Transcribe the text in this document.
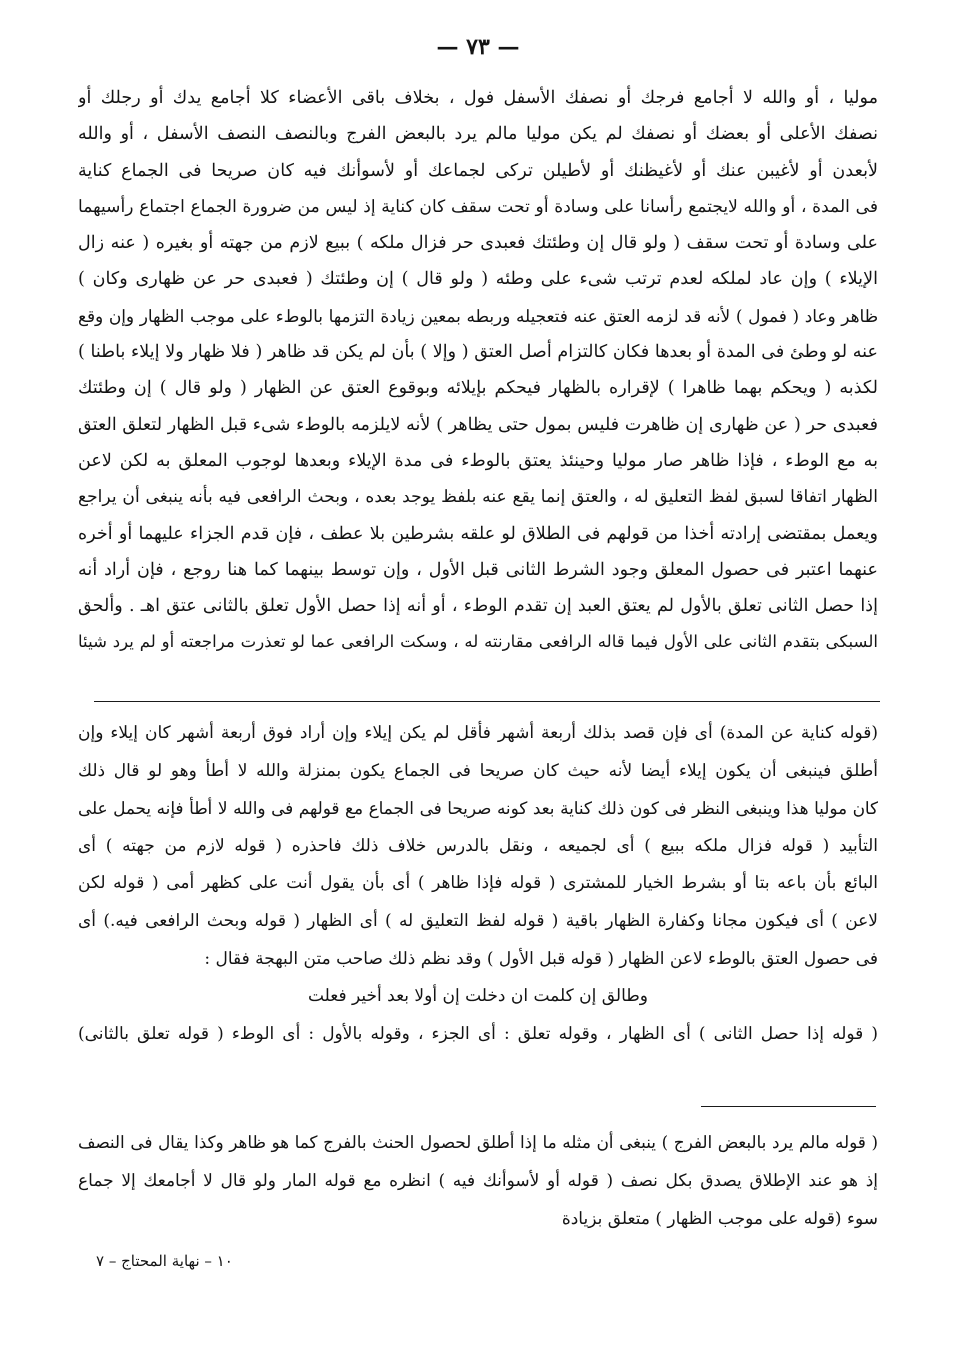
— ٧٣ —
موليا ، أو والله لا أجامع فرجك أو نصفك الأسفل فول ، بخلاف باقى الأعضاء كلا أجامع يدك أو رجلك أو
نصفك الأعلى أو بعضك أو نصفك لم يكن موليا مالم يرد بالبعض الفرج وبالنصف النصف الأسفل ، أو والله
لأبعدن أو لأغيبن عنك أو لأغيظنك أو لأطيلن تركى لجماعك أو لأسوأنك فيه كان صريحا فى الجماع كناية
فى المدة ، أو والله لايجتمع رأسانا على وسادة أو تحت سقف كان كناية إذ ليس من ضرورة الجماع اجتماع رأسيهما
على وسادة أو تحت سقف ( ولو قال إن وطئتك فعبدى حر فزال ملكه ) ببيع لازم من جهته أو بغيره ( عنه زال
الإيلاء ) وإن عاد لملكه لعدم ترتب شىء على وطئه ( ولو قال ) إن وطئتك ( فعبدى حر عن ظهارى وكان )
ظاهر وعاد ( فمول ) لأنه قد لزمه العتق عنه فتعجيله وربطه بمعين زيادة التزمها بالوطء على موجب الظهار وإن وقع
عنه لو وطئ فى المدة أو بعدها فكان كالتزام أصل العتق ( وإلا ) بأن لم يكن قد ظاهر ( فلا ظهار ولا إيلاء باطنا )
لكذبه ( ويحكم بهما ظاهرا ) لإقراره بالظهار فيحكم بإيلائه وبوقوع العتق عن الظهار ( ولو قال ) إن وطئتك
فعبدى حر ( عن ظهارى إن ظاهرت فليس بمول حتى يظاهر ) لأنه لايلزمه بالوطء شىء قبل الظهار لتعلق العتق
به مع الوطء ، فإذا ظاهر صار موليا وحينئذ يعتق بالوطء فى مدة الإيلاء وبعدها لوجوب المعلق به لكن لاعن
الظهار اتفاقا لسبق لفظ التعليق له ، والعتق إنما يقع عنه بلفظ يوجد بعده ، وبحث الرافعى فيه بأنه ينبغى أن يراجع
ويعمل بمقتضى إرادته أخذا من قولهم فى الطلاق لو علقه بشرطين بلا عطف ، فإن قدم الجزاء عليهما أو أخره
عنهما اعتبر فى حصول المعلق وجود الشرط الثانى قبل الأول ، وإن توسط بينهما كما هنا روجع ، فإن أراد أنه
إذا حصل الثانى تعلق بالأول لم يعتق العبد إن تقدم الوطء ، أو أنه إذا حصل الأول تعلق بالثانى عتق اهـ . وألحق
السبكى بتقدم الثانى على الأول فيما قاله الرافعى مقارنته له ، وسكت الرافعى عما لو تعذرت مراجعته أو لم يرد شيئا
(قوله كناية عن المدة) أى فإن قصد بذلك أربعة أشهر فأقل لم يكن إيلاء وإن أراد فوق أربعة أشهر كان إيلاء وإن
أطلق فينبغى أن يكون إيلاء أيضا لأنه حيث كان صريحا فى الجماع يكون بمنزلة والله لا أطأ وهو لو قال ذلك
كان موليا هذا وينبغى النظر فى كون ذلك كناية بعد كونه صريحا فى الجماع مع قولهم فى والله لا أطأ فإنه يحمل على
التأبيد ( قوله فزال ملكه ببيع ) أى لجميعه ، ونقل بالدرس خلاف ذلك فاحذره ( قوله لازم من جهته ) أى
البائع بأن باعه بتا أو بشرط الخيار للمشترى ( قوله فإذا ظاهر ) أى بأن يقول أنت على كظهر أمى ( قوله لكن
لاعن ) أى فيكون مجانا وكفارة الظهار باقية ( قوله لفظ التعليق له ) أى الظهار ( قوله وبحث الرافعى فيه.) أى
فى حصول العتق بالوطء لاعن الظهار ( قوله قبل الأول ) وقد نظم ذلك صاحب متن البهجة فقال :
وطالق إن كلمت ان دخلت إن أولا بعد أخير فعلت
( قوله إذا حصل الثانى ) أى الظهار ، وقوله تعلق : أى الجزء ، وقوله بالأول : أى الوطء ( قوله تعلق بالثانى)
( قوله مالم يرد بالبعض الفرج ) ينبغى أن مثله ما إذا أطلق لحصول الحنث بالفرج كما هو ظاهر وكذا يقال فى النصف
إذ هو عند الإطلاق يصدق بكل نصف ( قوله أو لأسوأنك فيه ) انظره مع قوله المار ولو قال لا أجامعك إلا جماع
سوء (قوله على موجب الظهار ) متعلق بزيادة
١٠ – نهاية المحتاج – ٧
